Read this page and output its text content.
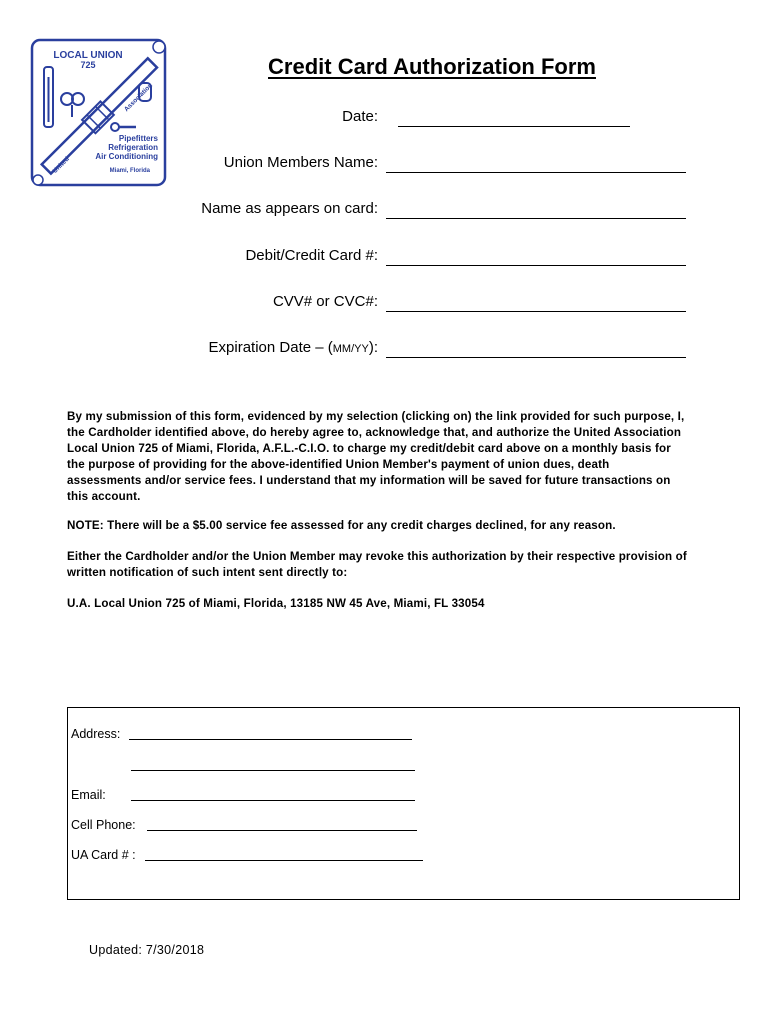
LOCAL UNION
725
Association
United
Pipefitters
Refrigeration
Air Conditioning
Miami, Florida
Credit Card Authorization Form
Date:
Union Members Name:
Name as appears on card:
Debit/Credit Card #:
CVV# or CVC#:
Expiration Date – (MM/YY):
By my submission of this form, evidenced by my selection (clicking on) the link provided for such purpose, I, the Cardholder identified above, do hereby agree to, acknowledge that, and authorize the United Association Local Union 725 of Miami, Florida, A.F.L.-C.I.O. to charge my credit/debit card above on a monthly basis for the purpose of providing for the above-identified Union Member's payment of union dues, death assessments and/or service fees. I understand that my information will be saved for future transactions on this account.
NOTE: There will be a $5.00 service fee assessed for any credit charges declined, for any reason.
Either the Cardholder and/or the Union Member may revoke this authorization by their respective provision of written notification of such intent sent directly to:
U.A. Local Union 725 of Miami, Florida, 13185 NW 45 Ave, Miami, FL 33054
Address:
Email:
Cell Phone:
UA Card # :
Updated: 7/30/2018
